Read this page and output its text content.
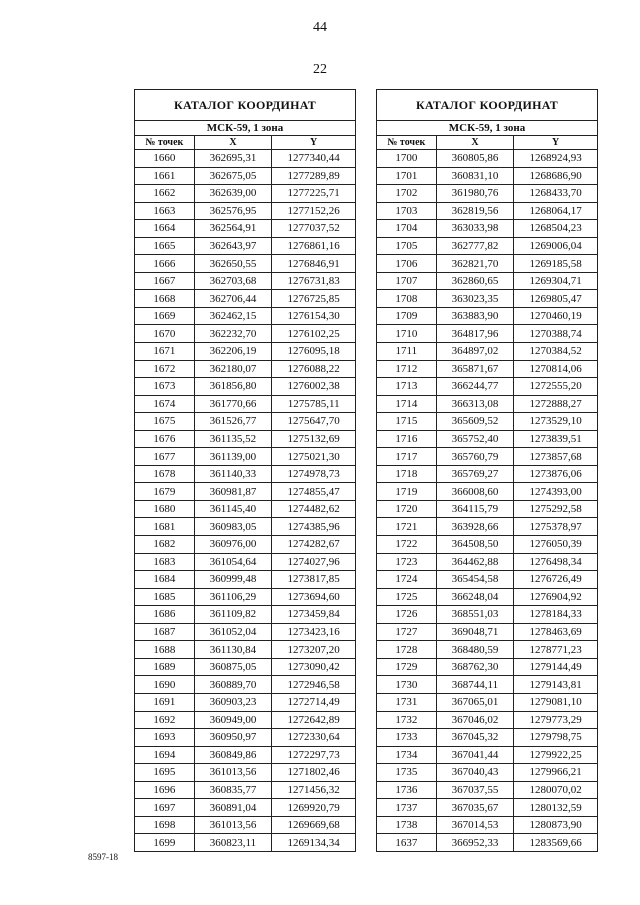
44
22
КАТАЛОГ КООРДИНАТ		
МСК-59, 1 зона		
№ точек	X	Y
1660	362695,31	1277340,44
1661	362675,05	1277289,89
1662	362639,00	1277225,71
1663	362576,95	1277152,26
1664	362564,91	1277037,52
1665	362643,97	1276861,16
1666	362650,55	1276846,91
1667	362703,68	1276731,83
1668	362706,44	1276725,85
1669	362462,15	1276154,30
1670	362232,70	1276102,25
1671	362206,19	1276095,18
1672	362180,07	1276088,22
1673	361856,80	1276002,38
1674	361770,66	1275785,11
1675	361526,77	1275647,70
1676	361135,52	1275132,69
1677	361139,00	1275021,30
1678	361140,33	1274978,73
1679	360981,87	1274855,47
1680	361145,40	1274482,62
1681	360983,05	1274385,96
1682	360976,00	1274282,67
1683	361054,64	1274027,96
1684	360999,48	1273817,85
1685	361106,29	1273694,60
1686	361109,82	1273459,84
1687	361052,04	1273423,16
1688	361130,84	1273207,20
1689	360875,05	1273090,42
1690	360889,70	1272946,58
1691	360903,23	1272714,49
1692	360949,00	1272642,89
1693	360950,97	1272330,64
1694	360849,86	1272297,73
1695	361013,56	1271802,46
1696	360835,77	1271456,32
1697	360891,04	1269920,79
1698	361013,56	1269669,68
1699	360823,11	1269134,34
КАТАЛОГ КООРДИНАТ		
МСК-59, 1 зона		
№ точек	X	Y
1700	360805,86	1268924,93
1701	360831,10	1268686,90
1702	361980,76	1268433,70
1703	362819,56	1268064,17
1704	363033,98	1268504,23
1705	362777,82	1269006,04
1706	362821,70	1269185,58
1707	362860,65	1269304,71
1708	363023,35	1269805,47
1709	363883,90	1270460,19
1710	364817,96	1270388,74
1711	364897,02	1270384,52
1712	365871,67	1270814,06
1713	366244,77	1272555,20
1714	366313,08	1272888,27
1715	365609,52	1273529,10
1716	365752,40	1273839,51
1717	365760,79	1273857,68
1718	365769,27	1273876,06
1719	366008,60	1274393,00
1720	364115,79	1275292,58
1721	363928,66	1275378,97
1722	364508,50	1276050,39
1723	364462,88	1276498,34
1724	365454,58	1276726,49
1725	366248,04	1276904,92
1726	368551,03	1278184,33
1727	369048,71	1278463,69
1728	368480,59	1278771,23
1729	368762,30	1279144,49
1730	368744,11	1279143,81
1731	367065,01	1279081,10
1732	367046,02	1279773,29
1733	367045,32	1279798,75
1734	367041,44	1279922,25
1735	367040,43	1279966,21
1736	367037,55	1280070,02
1737	367035,67	1280132,59
1738	367014,53	1280873,90
1637	366952,33	1283569,66
8597-18
